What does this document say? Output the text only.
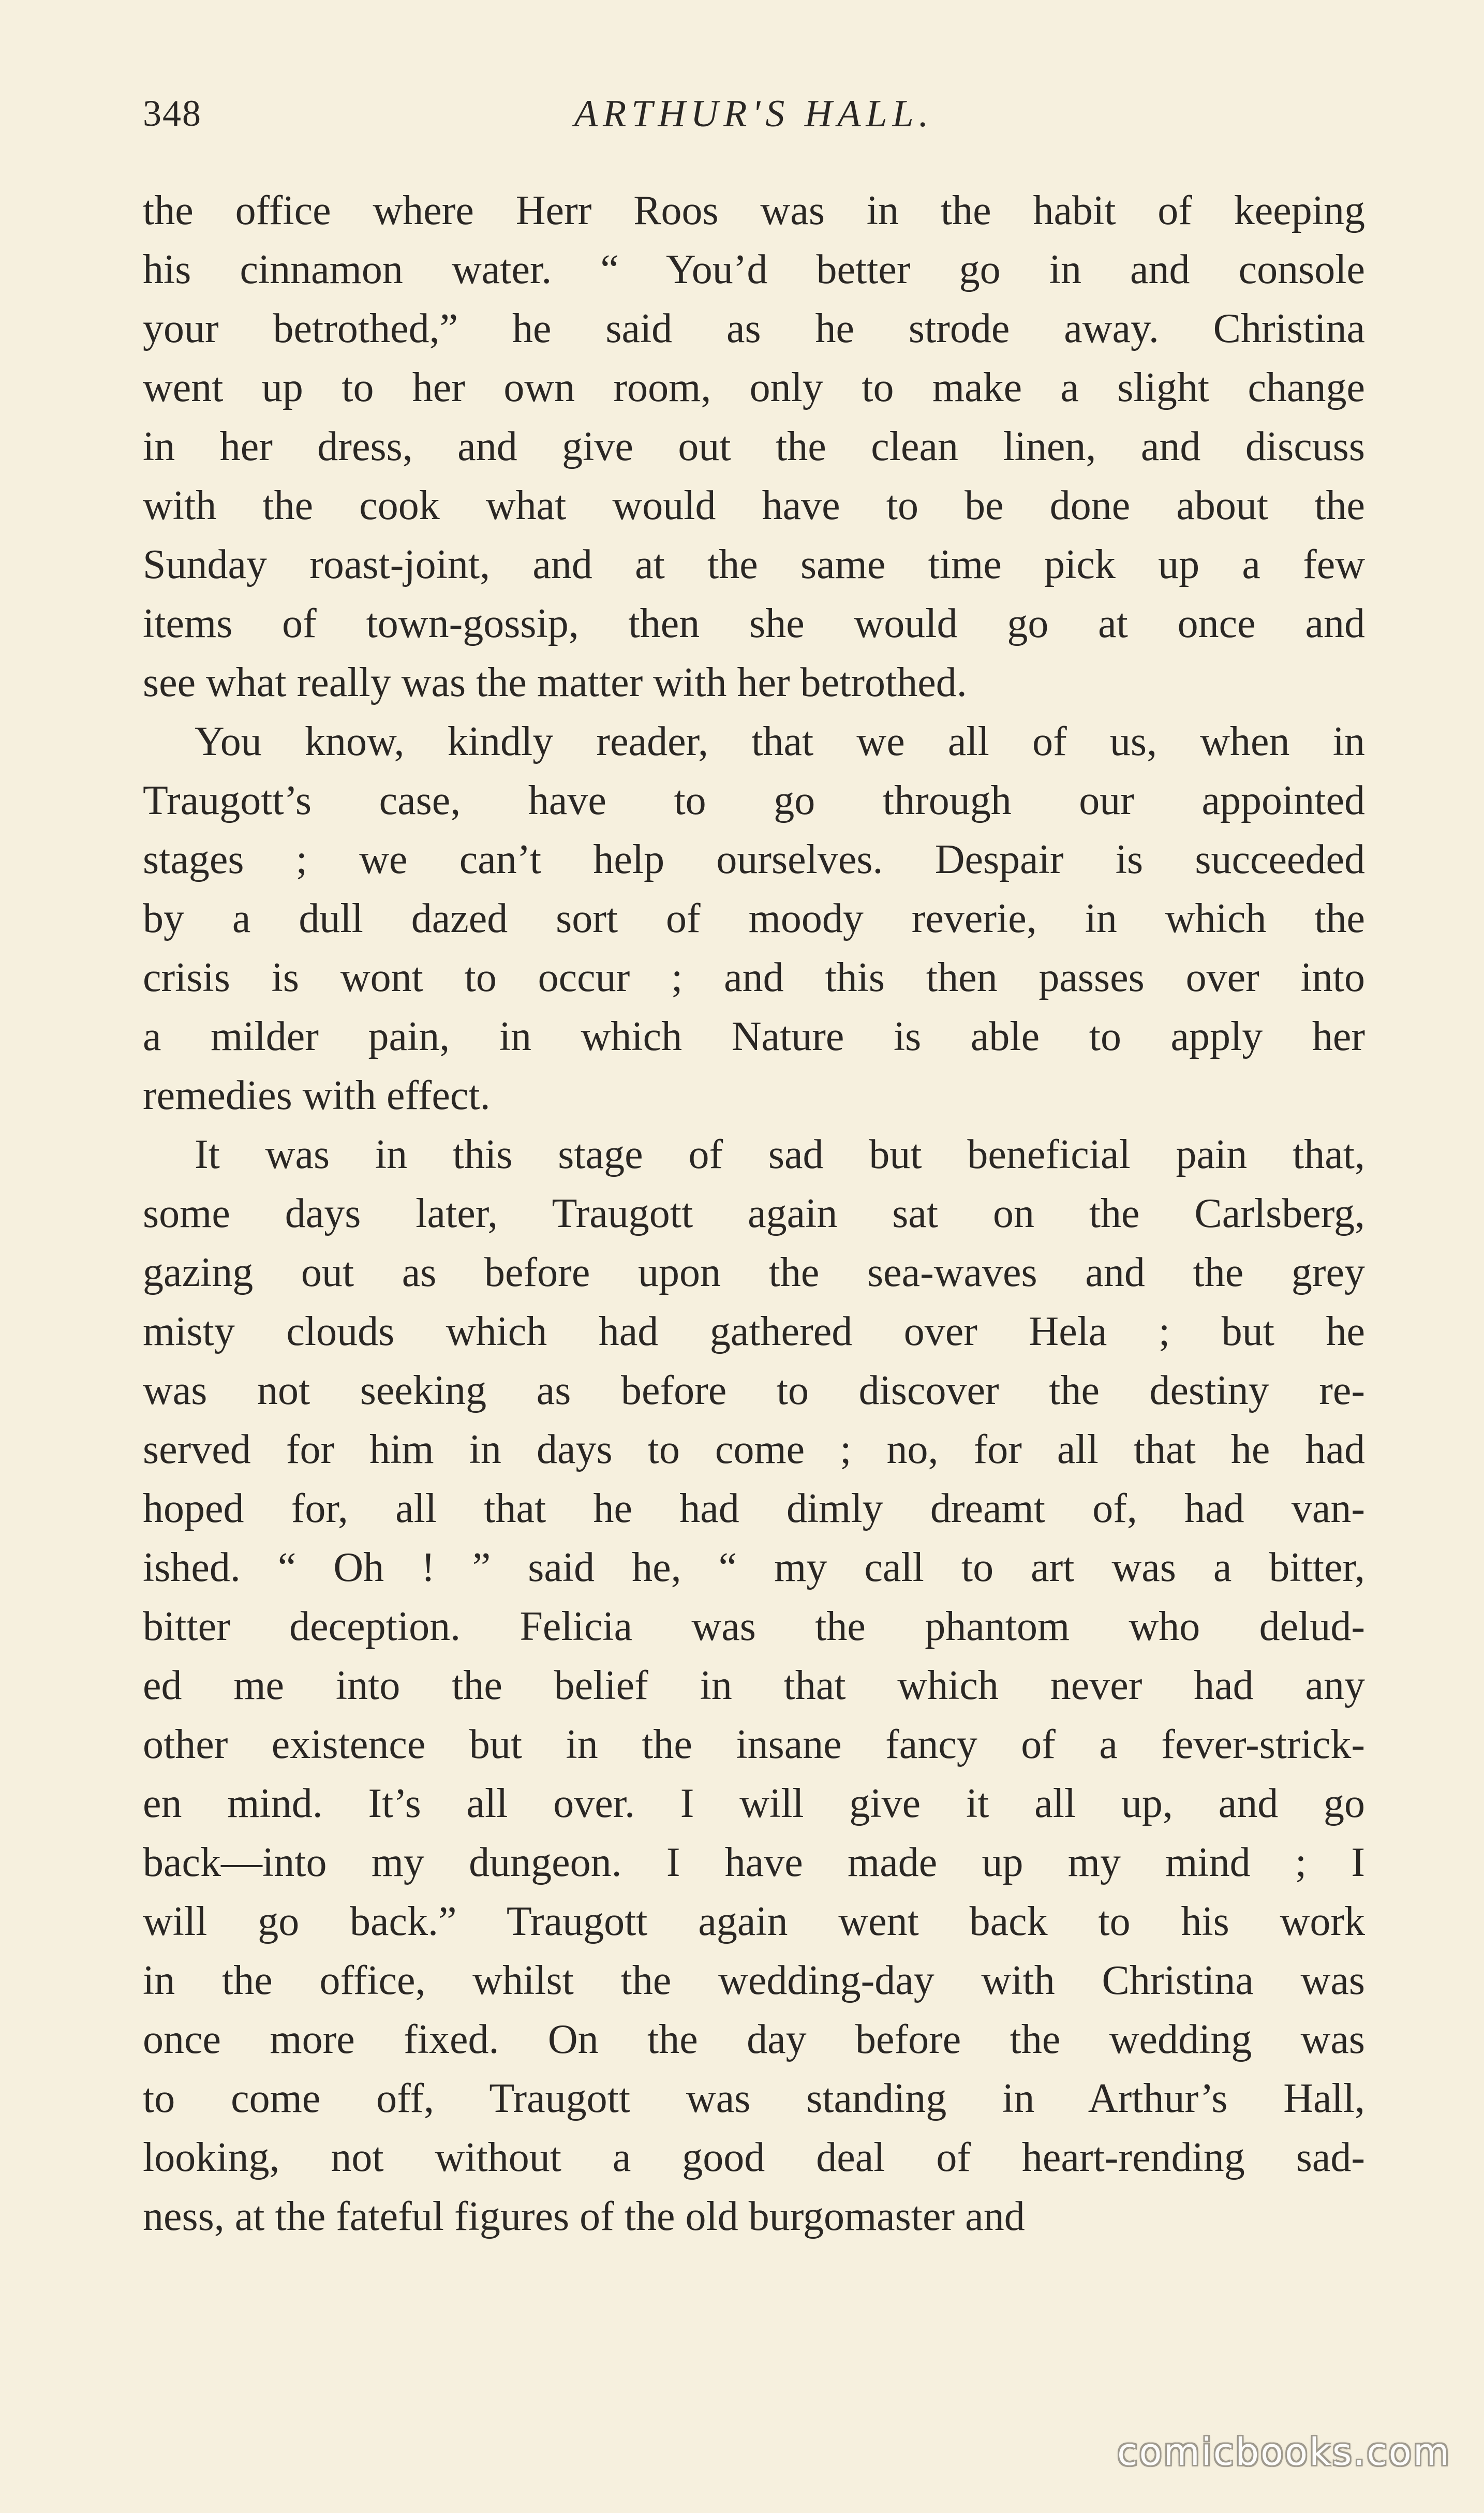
348	ARTHUR'S HALL.
the office where Herr Roos was in the habit of keeping
his cinnamon water. “ You’d better go in and console
your betrothed,” he said as he strode away. Christina
went up to her own room, only to make a slight change
in her dress, and give out the clean linen, and discuss
with the cook what would have to be done about the
Sunday roast-joint, and at the same time pick up a few
items of town-gossip, then she would go at once and
see what really was the matter with her betrothed.
You know, kindly reader, that we all of us, when in
Traugott’s case, have to go through our appointed
stages ; we can’t help ourselves. Despair is succeeded
by a dull dazed sort of moody reverie, in which the
crisis is wont to occur ; and this then passes over into
a milder pain, in which Nature is able to apply her
remedies with effect.
It was in this stage of sad but beneficial pain that,
some days later, Traugott again sat on the Carlsberg,
gazing out as before upon the sea-waves and the grey
misty clouds which had gathered over Hela ; but he
was not seeking as before to discover the destiny re-
served for him in days to come ; no, for all that he had
hoped for, all that he had dimly dreamt of, had van-
ished. “ Oh ! ” said he, “ my call to art was a bitter,
bitter deception. Felicia was the phantom who delud-
ed me into the belief in that which never had any
other existence but in the insane fancy of a fever-strick-
en mind. It’s all over. I will give it all up, and go
back—into my dungeon. I have made up my mind ; I
will go back.” Traugott again went back to his work
in the office, whilst the wedding-day with Christina was
once more fixed. On the day before the wedding was
to come off, Traugott was standing in Arthur’s Hall,
looking, not without a good deal of heart-rending sad-
ness, at the fateful figures of the old burgomaster and
comicbooks.com
